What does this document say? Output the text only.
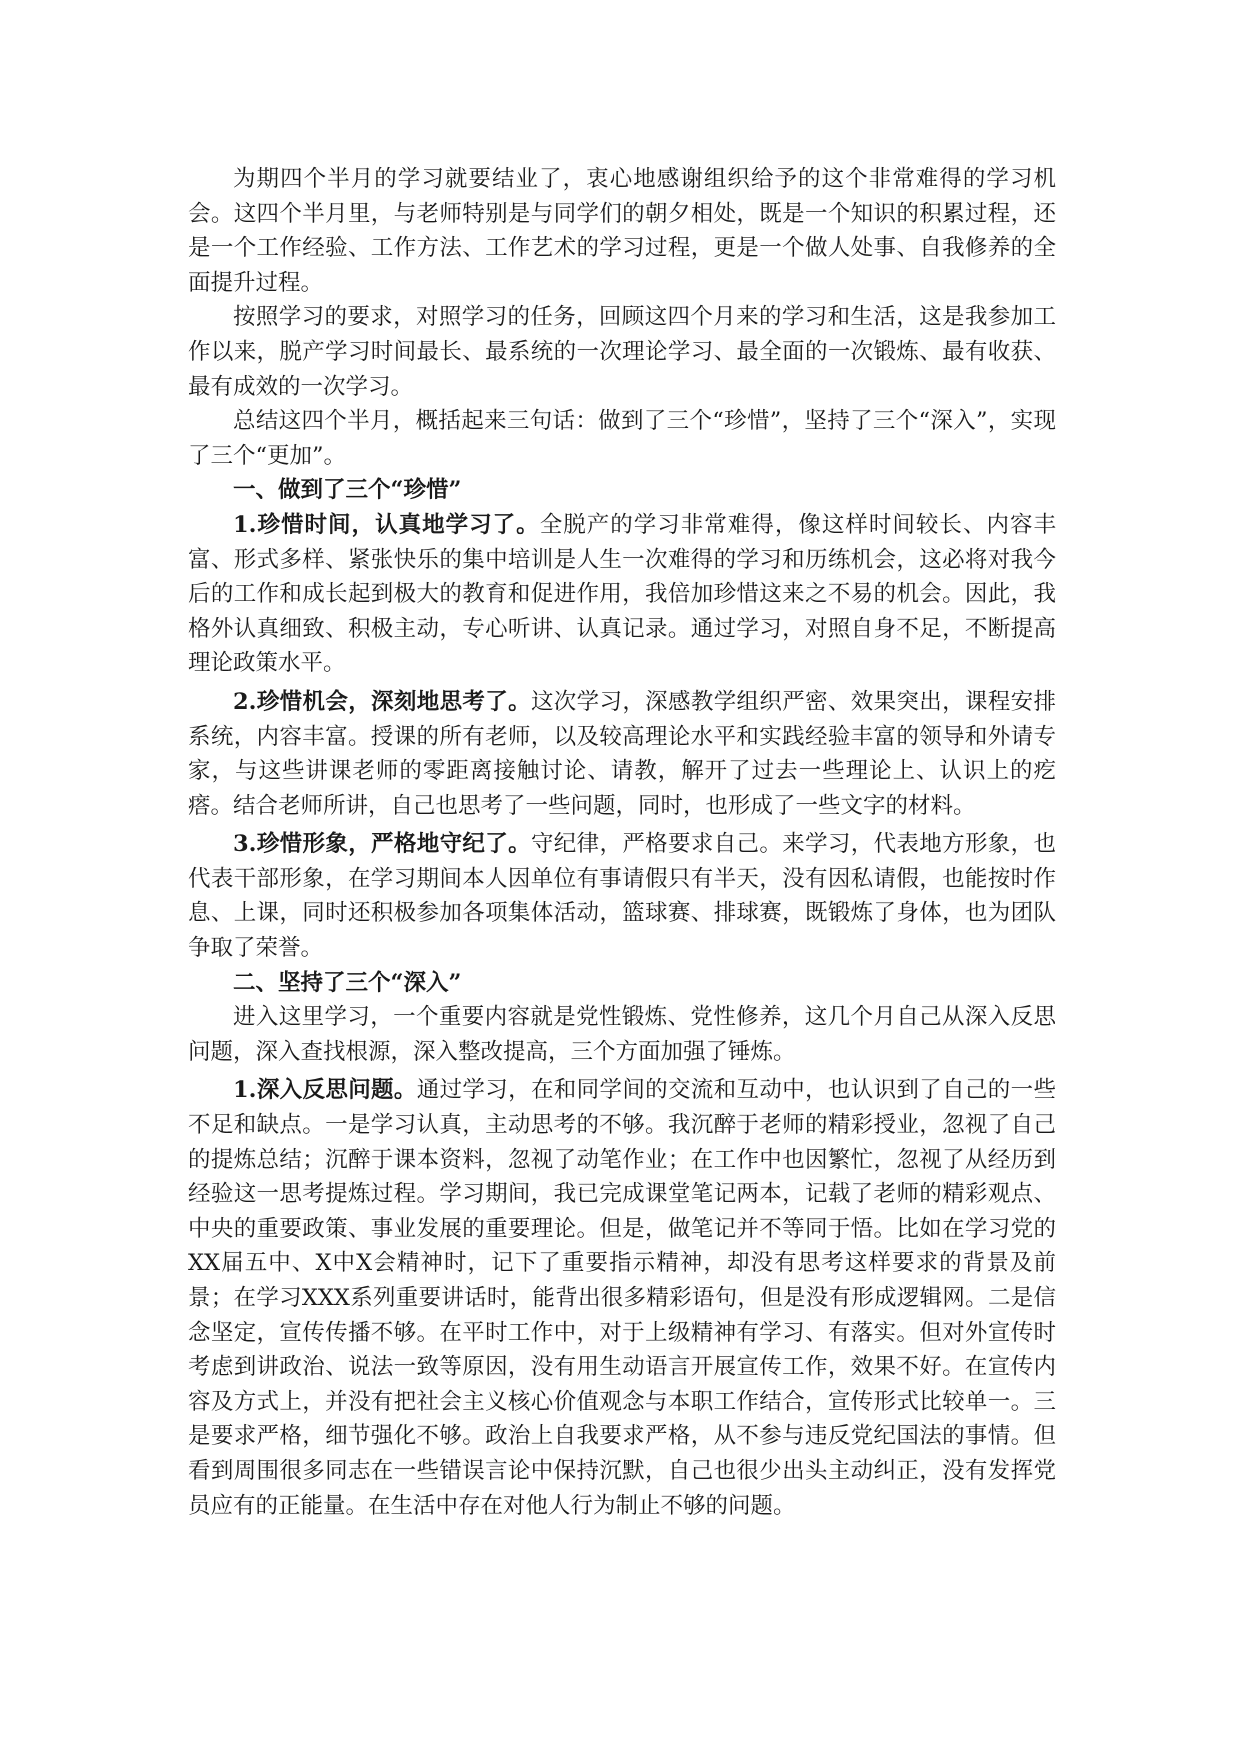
为期四个半月的学习就要结业了，衷心地感谢组织给予的这个非常难得的学习机会。这四个半月里，与老师特别是与同学们的朝夕相处，既是一个知识的积累过程，还是一个工作经验、工作方法、工作艺术的学习过程，更是一个做人处事、自我修养的全面提升过程。

按照学习的要求，对照学习的任务，回顾这四个月来的学习和生活，这是我参加工作以来，脱产学习时间最长、最系统的一次理论学习、最全面的一次锻炼、最有收获、最有成效的一次学习。

总结这四个半月，概括起来三句话：做到了三个“珍惜”，坚持了三个“深入”，实现了三个“更加”。

一、做到了三个“珍惜”

1.珍惜时间，认真地学习了。全脱产的学习非常难得，像这样时间较长、内容丰富、形式多样、紧张快乐的集中培训是人生一次难得的学习和历练机会，这必将对我今后的工作和成长起到极大的教育和促进作用，我倍加珍惜这来之不易的机会。因此，我格外认真细致、积极主动，专心听讲、认真记录。通过学习，对照自身不足，不断提高理论政策水平。

2.珍惜机会，深刻地思考了。这次学习，深感教学组织严密、效果突出，课程安排系统，内容丰富。授课的所有老师，以及较高理论水平和实践经验丰富的领导和外请专家，与这些讲课老师的零距离接触讨论、请教，解开了过去一些理论上、认识上的疙瘩。结合老师所讲，自己也思考了一些问题，同时，也形成了一些文字的材料。

3.珍惜形象，严格地守纪了。守纪律，严格要求自己。来学习，代表地方形象，也代表干部形象，在学习期间本人因单位有事请假只有半天，没有因私请假，也能按时作息、上课，同时还积极参加各项集体活动，篮球赛、排球赛，既锻炼了身体，也为团队争取了荣誉。

二、坚持了三个“深入”

进入这里学习，一个重要内容就是党性锻炼、党性修养，这几个月自己从深入反思问题，深入查找根源，深入整改提高，三个方面加强了锤炼。

1.深入反思问题。通过学习，在和同学间的交流和互动中，也认识到了自己的一些不足和缺点。一是学习认真，主动思考的不够。我沉醉于老师的精彩授业，忽视了自己的提炼总结；沉醉于课本资料，忽视了动笔作业；在工作中也因繁忙，忽视了从经历到经验这一思考提炼过程。学习期间，我已完成课堂笔记两本，记载了老师的精彩观点、中央的重要政策、事业发展的重要理论。但是，做笔记并不等同于悟。比如在学习党的XX届五中、X中X会精神时，记下了重要指示精神，却没有思考这样要求的背景及前景；在学习XXX系列重要讲话时，能背出很多精彩语句，但是没有形成逻辑网。二是信念坚定，宣传传播不够。在平时工作中，对于上级精神有学习、有落实。但对外宣传时考虑到讲政治、说法一致等原因，没有用生动语言开展宣传工作，效果不好。在宣传内容及方式上，并没有把社会主义核心价值观念与本职工作结合，宣传形式比较单一。三是要求严格，细节强化不够。政治上自我要求严格，从不参与违反党纪国法的事情。但看到周围很多同志在一些错误言论中保持沉默，自己也很少出头主动纠正，没有发挥党员应有的正能量。在生活中存在对他人行为制止不够的问题。
